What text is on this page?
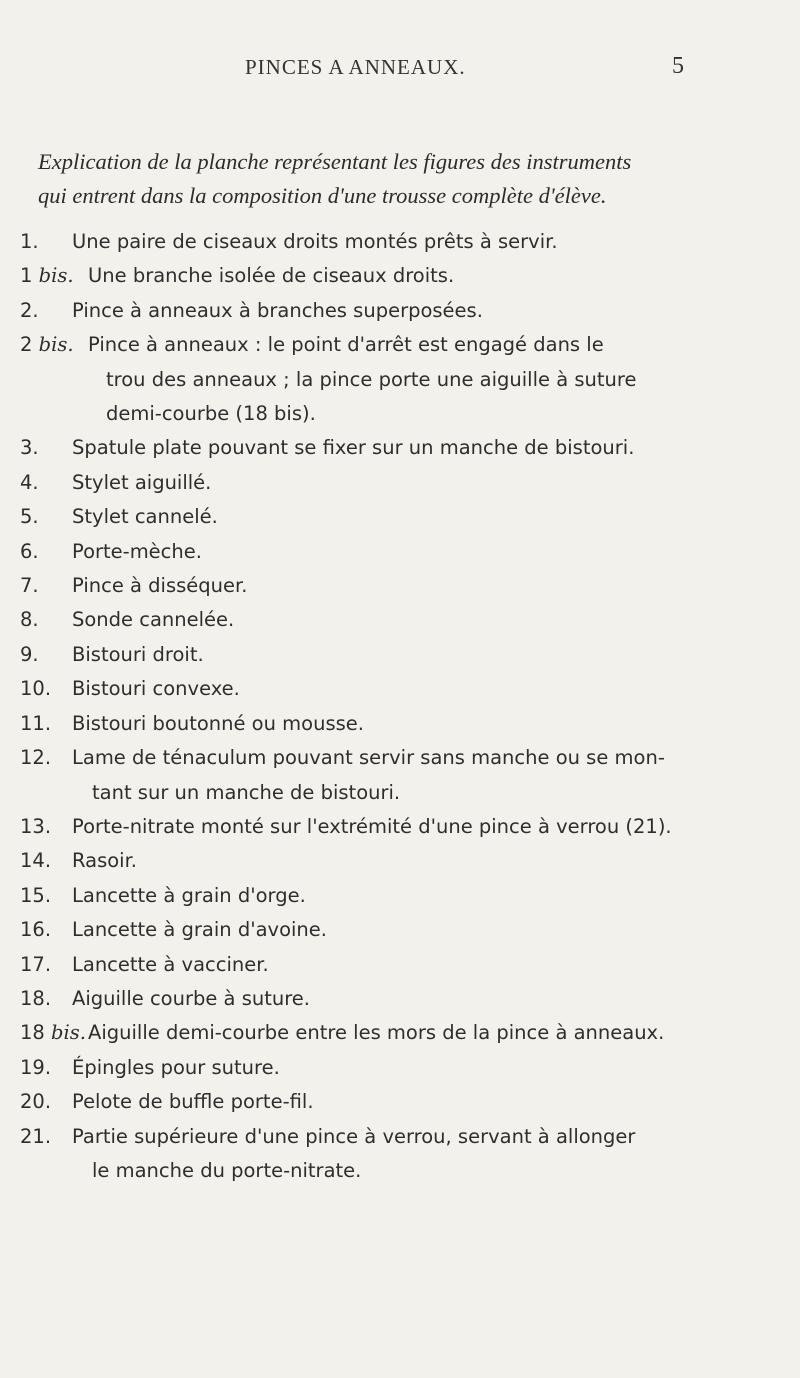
PINCES A ANNEAUX.	5
Explication de la planche représentant les figures des instruments
qui entrent dans la composition d'une trousse complète d'élève.
1. Une paire de ciseaux droits montés prêts à servir.
1 bis. Une branche isolée de ciseaux droits.
2. Pince à anneaux à branches superposées.
2 bis. Pince à anneaux : le point d'arrêt est engagé dans le
trou des anneaux ; la pince porte une aiguille à suture
demi-courbe (18 bis).
3. Spatule plate pouvant se fixer sur un manche de bistouri.
4. Stylet aiguillé.
5. Stylet cannelé.
6. Porte-mèche.
7. Pince à disséquer.
8. Sonde cannelée.
9. Bistouri droit.
10. Bistouri convexe.
11. Bistouri boutonné ou mousse.
12. Lame de ténaculum pouvant servir sans manche ou se mon-
tant sur un manche de bistouri.
13. Porte-nitrate monté sur l'extrémité d'une pince à verrou (21).
14. Rasoir.
15. Lancette à grain d'orge.
16. Lancette à grain d'avoine.
17. Lancette à vacciner.
18. Aiguille courbe à suture.
18 bis. Aiguille demi-courbe entre les mors de la pince à anneaux.
19. Épingles pour suture.
20. Pelote de buffle porte-fil.
21. Partie supérieure d'une pince à verrou, servant à allonger
le manche du porte-nitrate.
